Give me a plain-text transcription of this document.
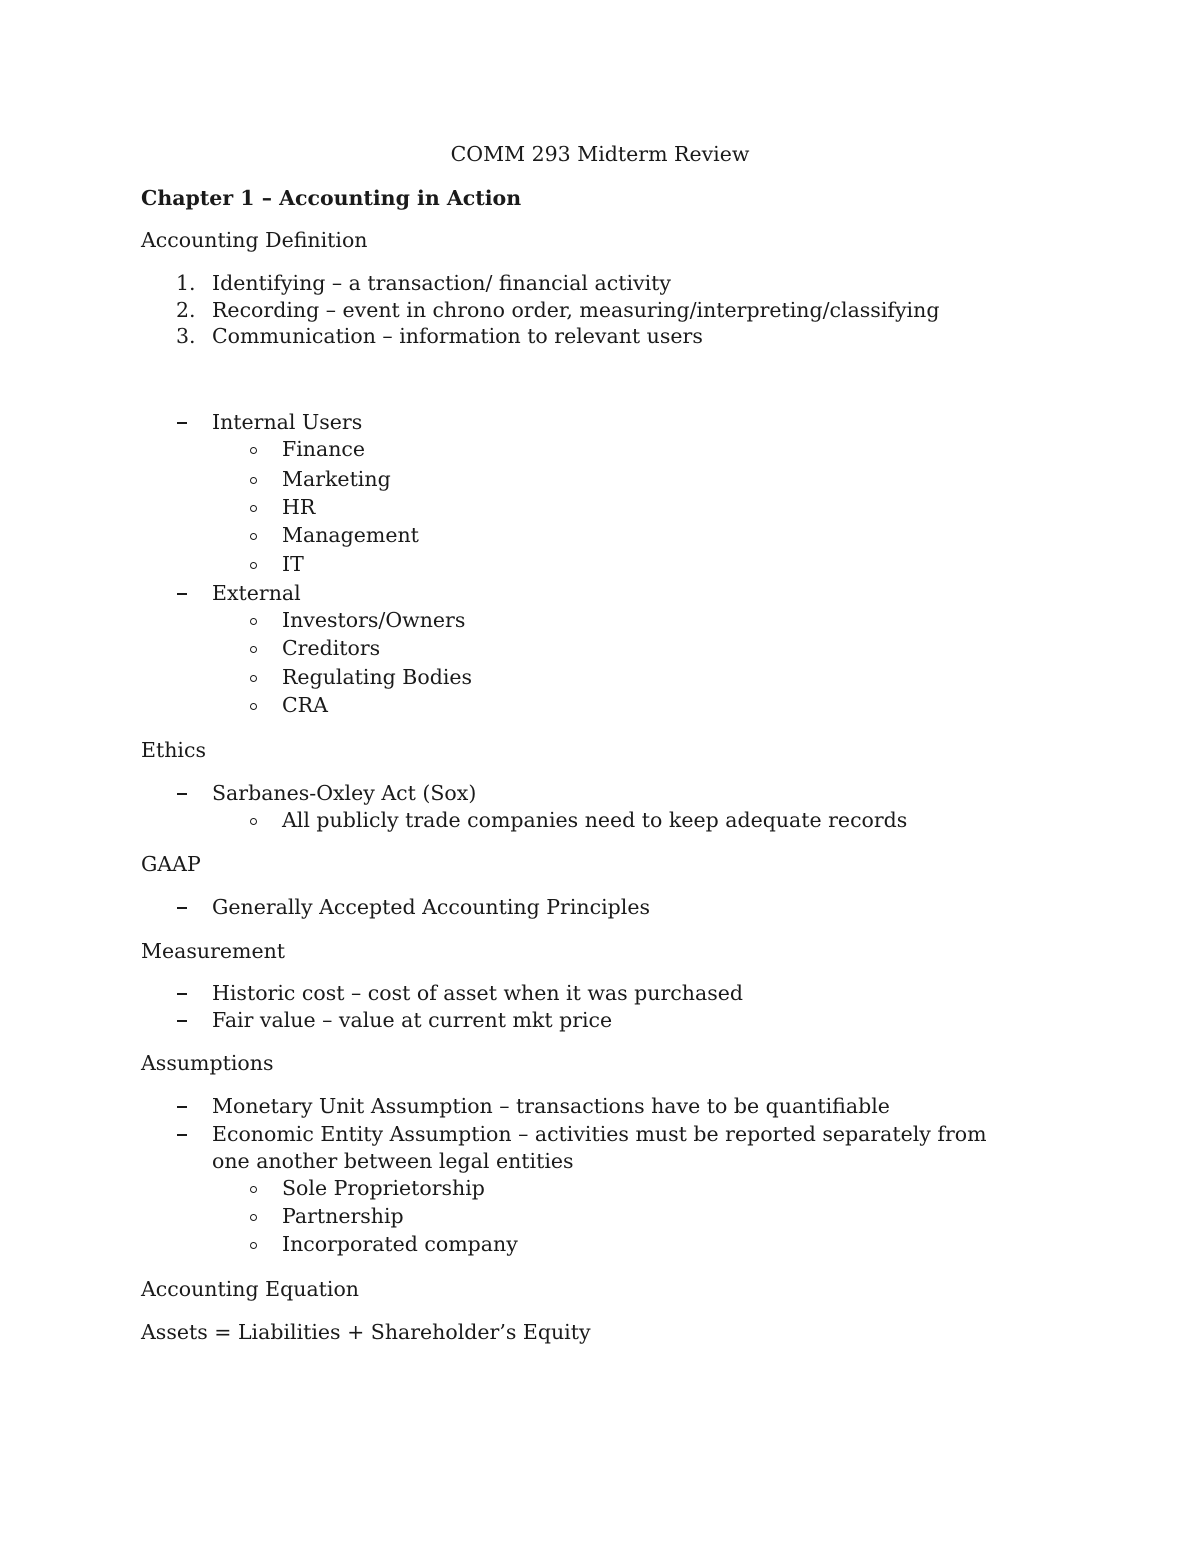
COMM 293 Midterm Review
Chapter 1 – Accounting in Action
Accounting Definition
1. Identifying – a transaction/ financial activity
2. Recording – event in chrono order, measuring/interpreting/classifying
3. Communication – information to relevant users
Internal Users
Finance
Marketing
HR
Management
IT
External
Investors/Owners
Creditors
Regulating Bodies
CRA
Ethics
Sarbanes-Oxley Act (Sox)
All publicly trade companies need to keep adequate records
GAAP
Generally Accepted Accounting Principles
Measurement
Historic cost – cost of asset when it was purchased
Fair value – value at current mkt price
Assumptions
Monetary Unit Assumption – transactions have to be quantifiable
Economic Entity Assumption – activities must be reported separately from
one another between legal entities
Sole Proprietorship
Partnership
Incorporated company
Accounting Equation
Assets = Liabilities + Shareholder’s Equity
